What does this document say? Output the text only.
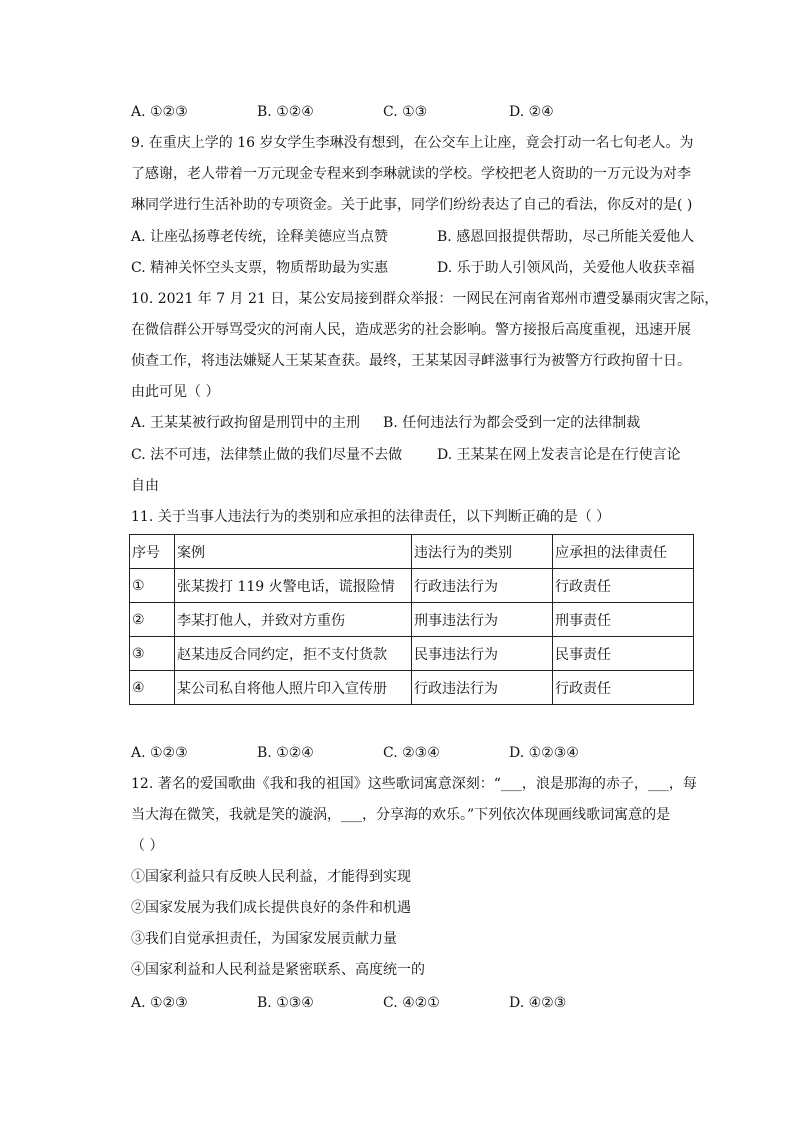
A. ①②③	B. ①②④	C. ①③	D. ②④
9. 在重庆上学的 16 岁女学生李琳没有想到，在公交车上让座，竟会打动一名七旬老人。为
了感谢，老人带着一万元现金专程来到李琳就读的学校。学校把老人资助的一万元设为对李
琳同学进行生活补助的专项资金。关于此事，同学们纷纷表达了自己的看法，你反对的是( )
A. 让座弘扬尊老传统，诠释美德应当点赞	B. 感恩回报提供帮助，尽己所能关爱他人
C. 精神关怀空头支票，物质帮助最为实惠	D. 乐于助人引领风尚，关爱他人收获幸福
10. 2021 年 7 月 21 日，某公安局接到群众举报：一网民在河南省郑州市遭受暴雨灾害之际，
在微信群公开辱骂受灾的河南人民，造成恶劣的社会影响。警方接报后高度重视，迅速开展
侦查工作，将违法嫌疑人王某某查获。最终，王某某因寻衅滋事行为被警方行政拘留十日。
由此可见（ ）
A. 王某某被行政拘留是刑罚中的主刑 B. 任何违法行为都会受到一定的法律制裁
C. 法不可违，法律禁止做的我们尽量不去做 D. 王某某在网上发表言论是在行使言论
自由
11. 关于当事人违法行为的类别和应承担的法律责任，以下判断正确的是（ ）
序号	案例	违法行为的类别	应承担的法律责任
①	张某拨打 119 火警电话，谎报险情	行政违法行为	行政责任
②	李某打他人，并致对方重伤	刑事违法行为	刑事责任
③	赵某违反合同约定，拒不支付货款	民事违法行为	民事责任
④	某公司私自将他人照片印入宣传册	行政违法行为	行政责任
A. ①②③	B. ①②④	C. ②③④	D. ①②③④
12. 著名的爱国歌曲《我和我的祖国》这些歌词寓意深刻：“___，浪是那海的赤子，___，每
当大海在微笑，我就是笑的漩涡，___，分享海的欢乐。”下列依次体现画线歌词寓意的是
（ ）
①国家利益只有反映人民利益，才能得到实现
②国家发展为我们成长提供良好的条件和机遇
③我们自觉承担责任，为国家发展贡献力量
④国家利益和人民利益是紧密联系、高度统一的
A. ①②③	B. ①③④	C. ④②①	D. ④②③
